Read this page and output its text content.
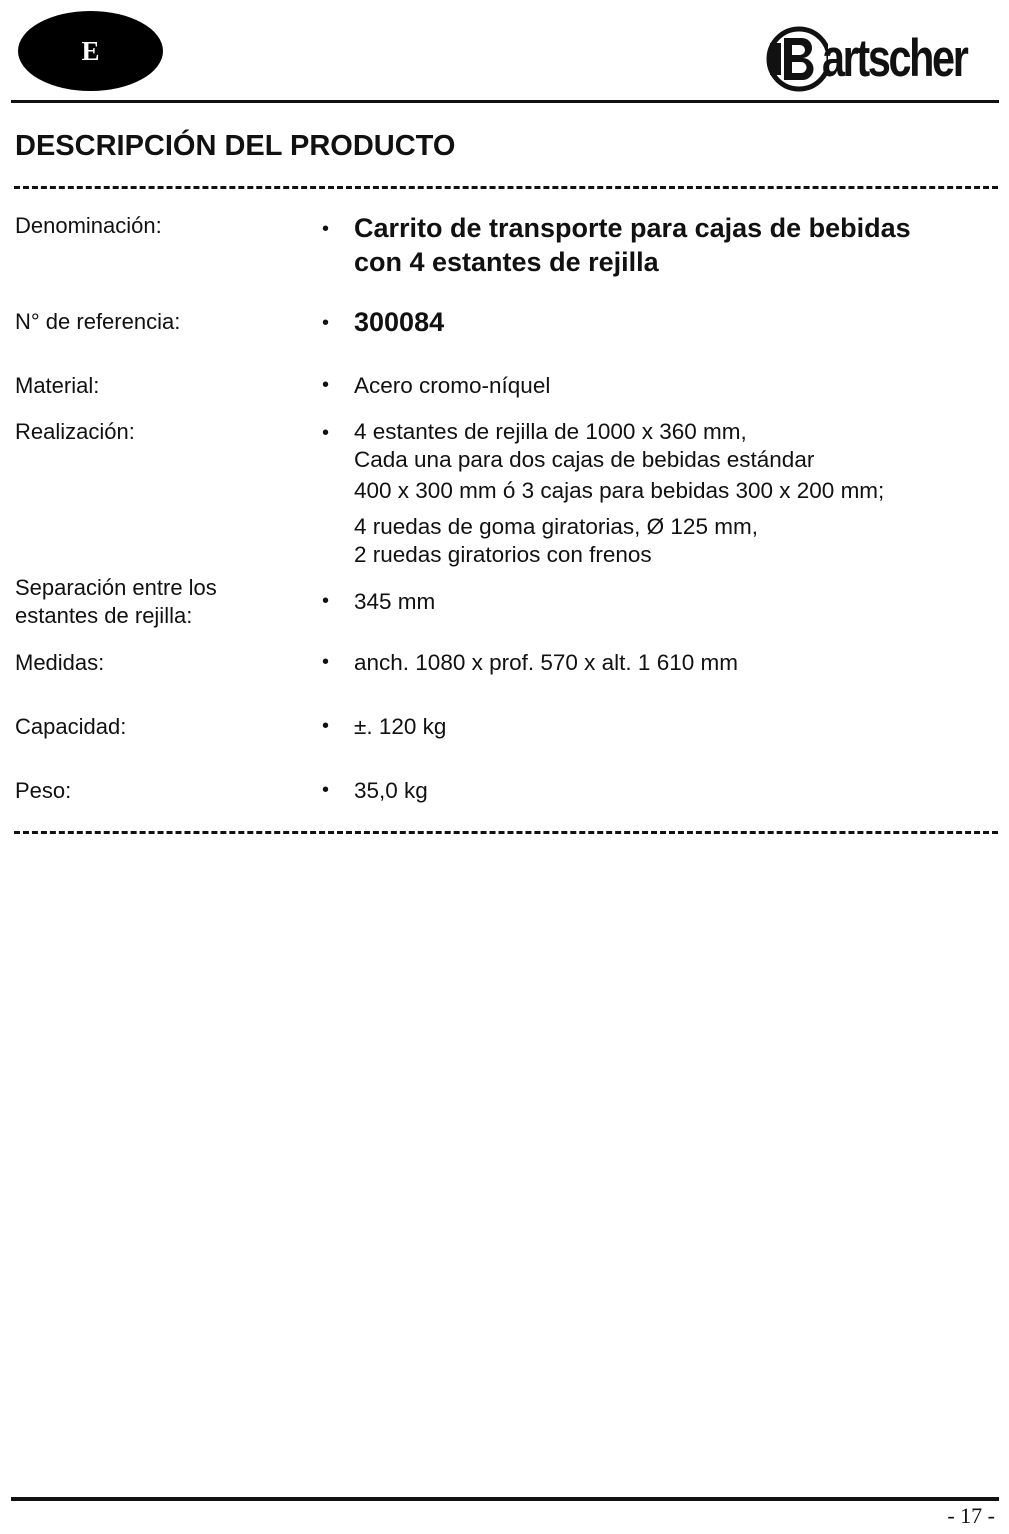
E	artscher
DESCRIPCIÓN DEL PRODUCTO
Denominación:	• Carrito de transporte para cajas de bebidas
con 4 estantes de rejilla
N° de referencia:	• 300084
Material:	• Acero cromo-níquel
Realización:	• 4 estantes de rejilla de 1000 x 360 mm,
Cada una para dos cajas de bebidas estándar
400 x 300 mm ó 3 cajas para bebidas 300 x 200 mm;
4 ruedas de goma giratorias, Ø 125 mm,
2 ruedas giratorios con frenos
Separación entre los
estantes de rejilla:
• 345 mm
Medidas:	• anch. 1080 x prof. 570 x alt. 1 610 mm
Capacidad:	• ±. 120 kg
Peso:	• 35,0 kg
- 17 -
